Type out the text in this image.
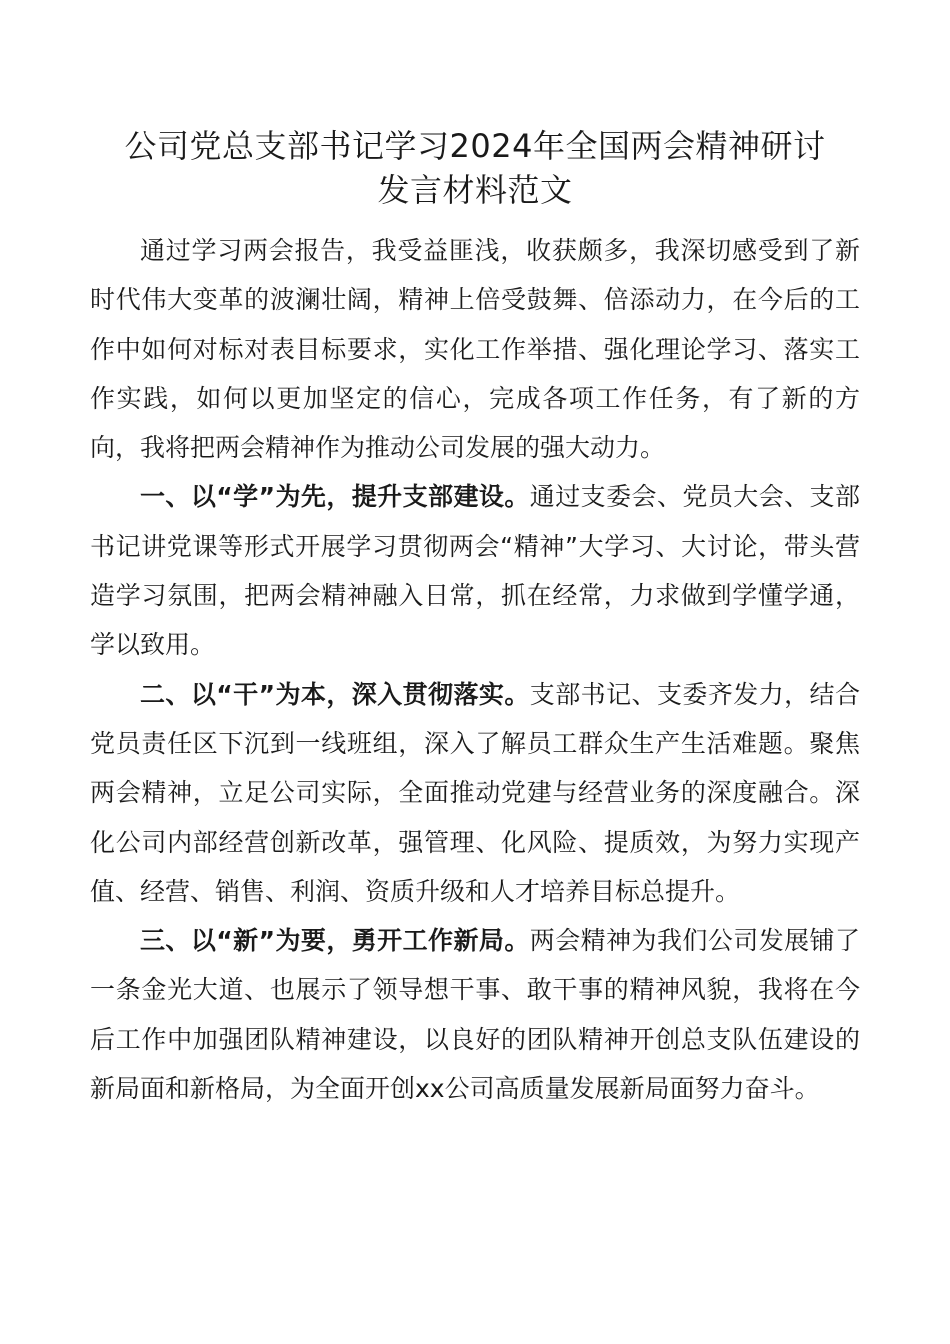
公司党总支部书记学习2024年全国两会精神研讨
发言材料范文

通过学习两会报告，我受益匪浅，收获颇多，我深切感受到了新时代伟大变革的波澜壮阔，精神上倍受鼓舞、倍添动力，在今后的工作中如何对标对表目标要求，实化工作举措、强化理论学习、落实工作实践，如何以更加坚定的信心，完成各项工作任务，有了新的方向，我将把两会精神作为推动公司发展的强大动力。

一、以“学”为先，提升支部建设。通过支委会、党员大会、支部书记讲党课等形式开展学习贯彻两会“精神”大学习、大讨论，带头营造学习氛围，把两会精神融入日常，抓在经常，力求做到学懂学通，学以致用。

二、以“干”为本，深入贯彻落实。支部书记、支委齐发力，结合党员责任区下沉到一线班组，深入了解员工群众生产生活难题。聚焦两会精神，立足公司实际，全面推动党建与经营业务的深度融合。深化公司内部经营创新改革，强管理、化风险、提质效，为努力实现产值、经营、销售、利润、资质升级和人才培养目标总提升。

三、以“新”为要，勇开工作新局。两会精神为我们公司发展铺了一条金光大道、也展示了领导想干事、敢干事的精神风貌，我将在今后工作中加强团队精神建设，以良好的团队精神开创总支队伍建设的新局面和新格局，为全面开创xx公司高质量发展新局面努力奋斗。
